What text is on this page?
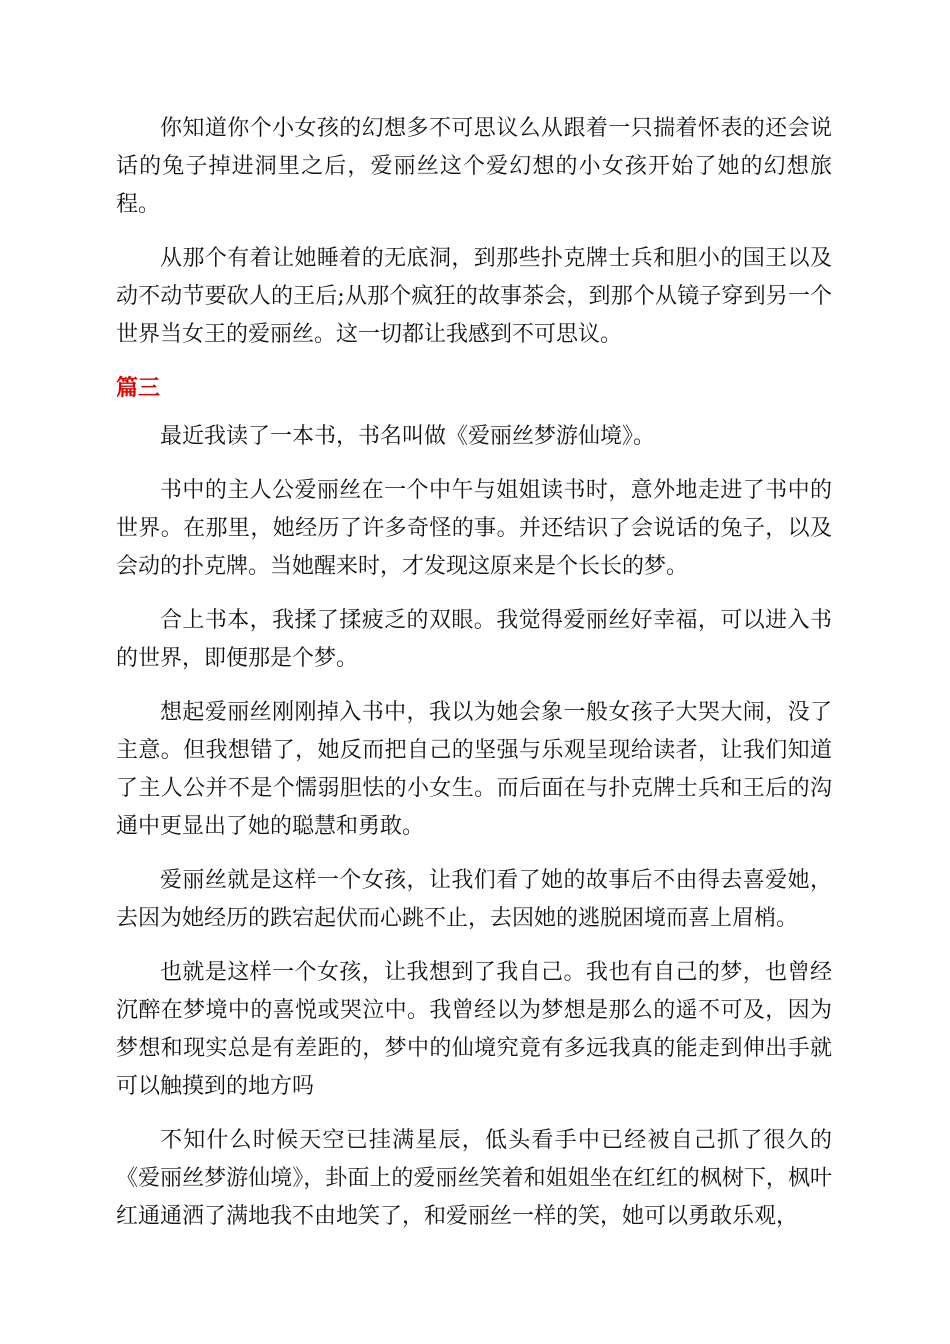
你知道你个小女孩的幻想多不可思议么从跟着一只揣着怀表的还会说话的兔子掉进洞里之后，爱丽丝这个爱幻想的小女孩开始了她的幻想旅程。

从那个有着让她睡着的无底洞，到那些扑克牌士兵和胆小的国王以及动不动节要砍人的王后;从那个疯狂的故事茶会，到那个从镜子穿到另一个世界当女王的爱丽丝。这一切都让我感到不可思议。

篇三

最近我读了一本书，书名叫做《爱丽丝梦游仙境》。

书中的主人公爱丽丝在一个中午与姐姐读书时，意外地走进了书中的世界。在那里，她经历了许多奇怪的事。并还结识了会说话的兔子，以及会动的扑克牌。当她醒来时，才发现这原来是个长长的梦。

合上书本，我揉了揉疲乏的双眼。我觉得爱丽丝好幸福，可以进入书的世界，即便那是个梦。

想起爱丽丝刚刚掉入书中，我以为她会象一般女孩子大哭大闹，没了主意。但我想错了，她反而把自己的坚强与乐观呈现给读者，让我们知道了主人公并不是个懦弱胆怯的小女生。而后面在与扑克牌士兵和王后的沟通中更显出了她的聪慧和勇敢。

爱丽丝就是这样一个女孩，让我们看了她的故事后不由得去喜爱她，去因为她经历的跌宕起伏而心跳不止，去因她的逃脱困境而喜上眉梢。

也就是这样一个女孩，让我想到了我自己。我也有自己的梦，也曾经沉醉在梦境中的喜悦或哭泣中。我曾经以为梦想是那么的遥不可及，因为梦想和现实总是有差距的，梦中的仙境究竟有多远我真的能走到伸出手就可以触摸到的地方吗

不知什么时候天空已挂满星辰，低头看手中已经被自己抓了很久的《爱丽丝梦游仙境》，卦面上的爱丽丝笑着和姐姐坐在红红的枫树下，枫叶红通通洒了满地我不由地笑了，和爱丽丝一样的笑，她可以勇敢乐观，
